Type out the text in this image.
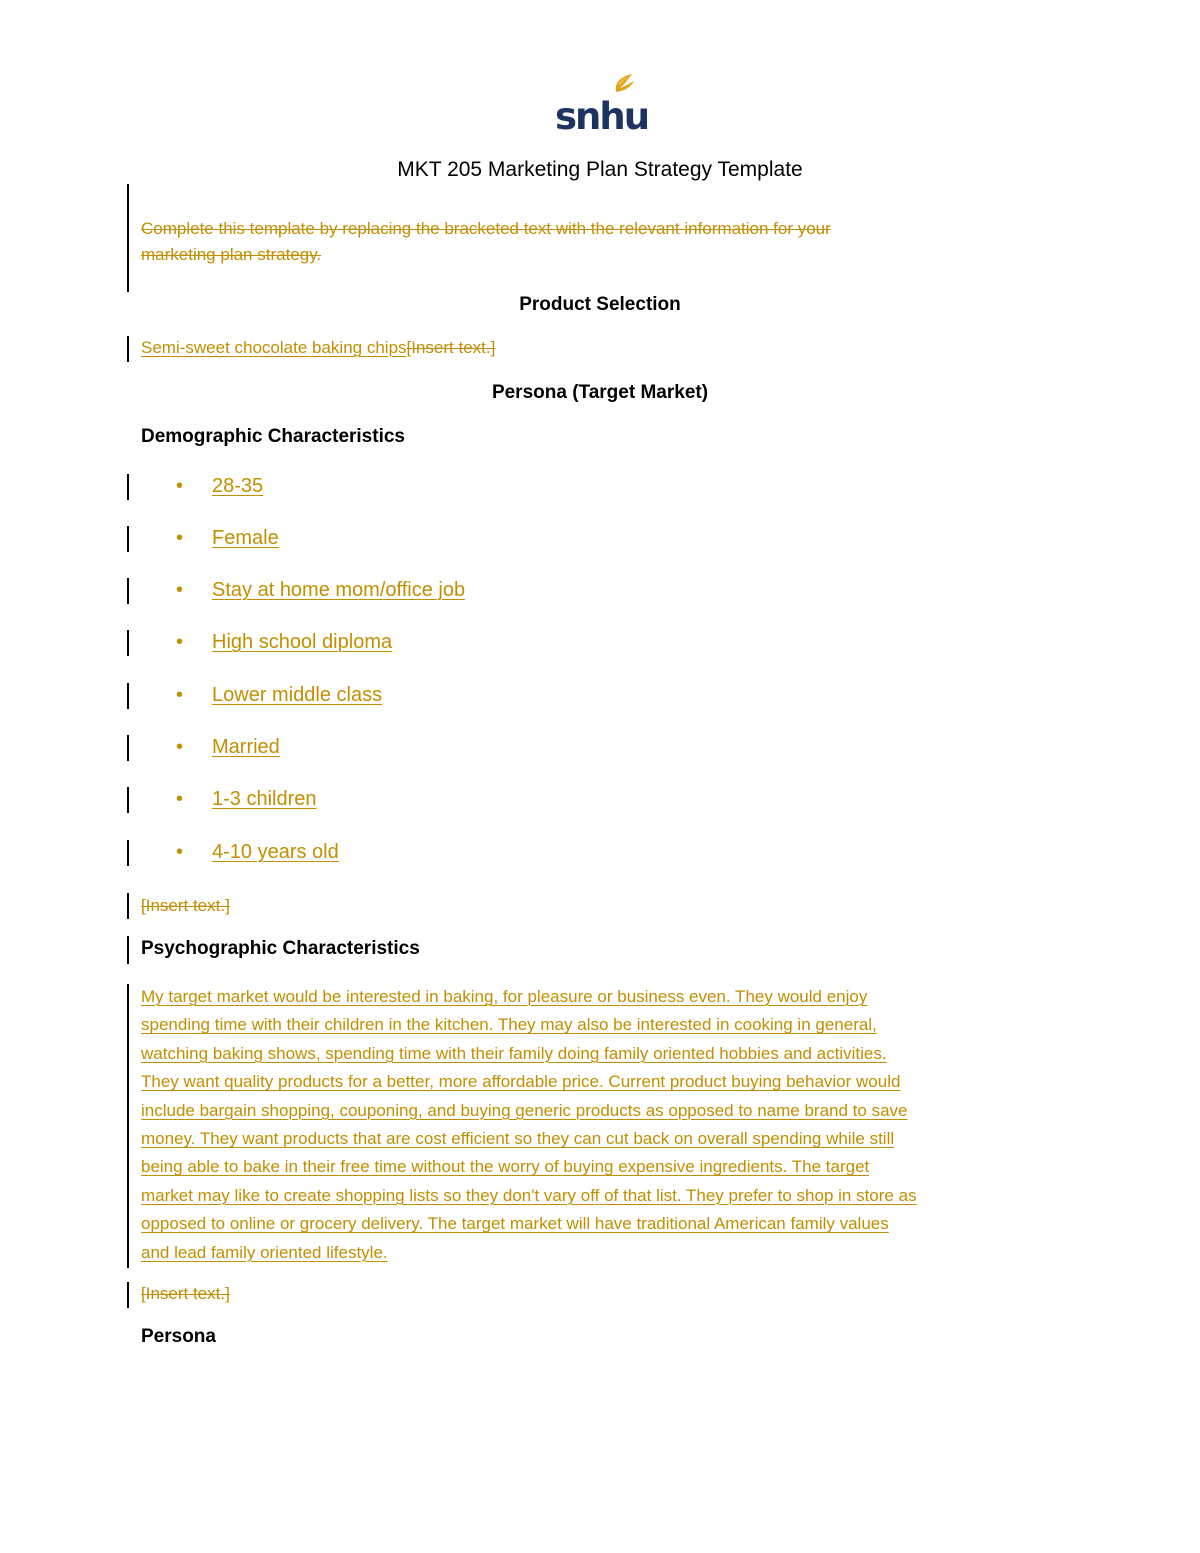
snhu
MKT 205 Marketing Plan Strategy Template
Complete this template by replacing the bracketed text with the relevant information for your
marketing plan strategy.
Product Selection
Semi-sweet chocolate baking chips[Insert text.]
Persona (Target Market)
Demographic Characteristics
• 28-35
• Female
• Stay at home mom/office job
• High school diploma
• Lower middle class
• Married
• 1-3 children
• 4-10 years old
[Insert text.]
Psychographic Characteristics
My target market would be interested in baking, for pleasure or business even. They would enjoy
spending time with their children in the kitchen. They may also be interested in cooking in general,
watching baking shows, spending time with their family doing family oriented hobbies and activities.
They want quality products for a better, more affordable price. Current product buying behavior would
include bargain shopping, couponing, and buying generic products as opposed to name brand to save
money. They want products that are cost efficient so they can cut back on overall spending while still
being able to bake in their free time without the worry of buying expensive ingredients. The target
market may like to create shopping lists so they don't vary off of that list. They prefer to shop in store as
opposed to online or grocery delivery. The target market will have traditional American family values
and lead family oriented lifestyle.
[Insert text.]
Persona
